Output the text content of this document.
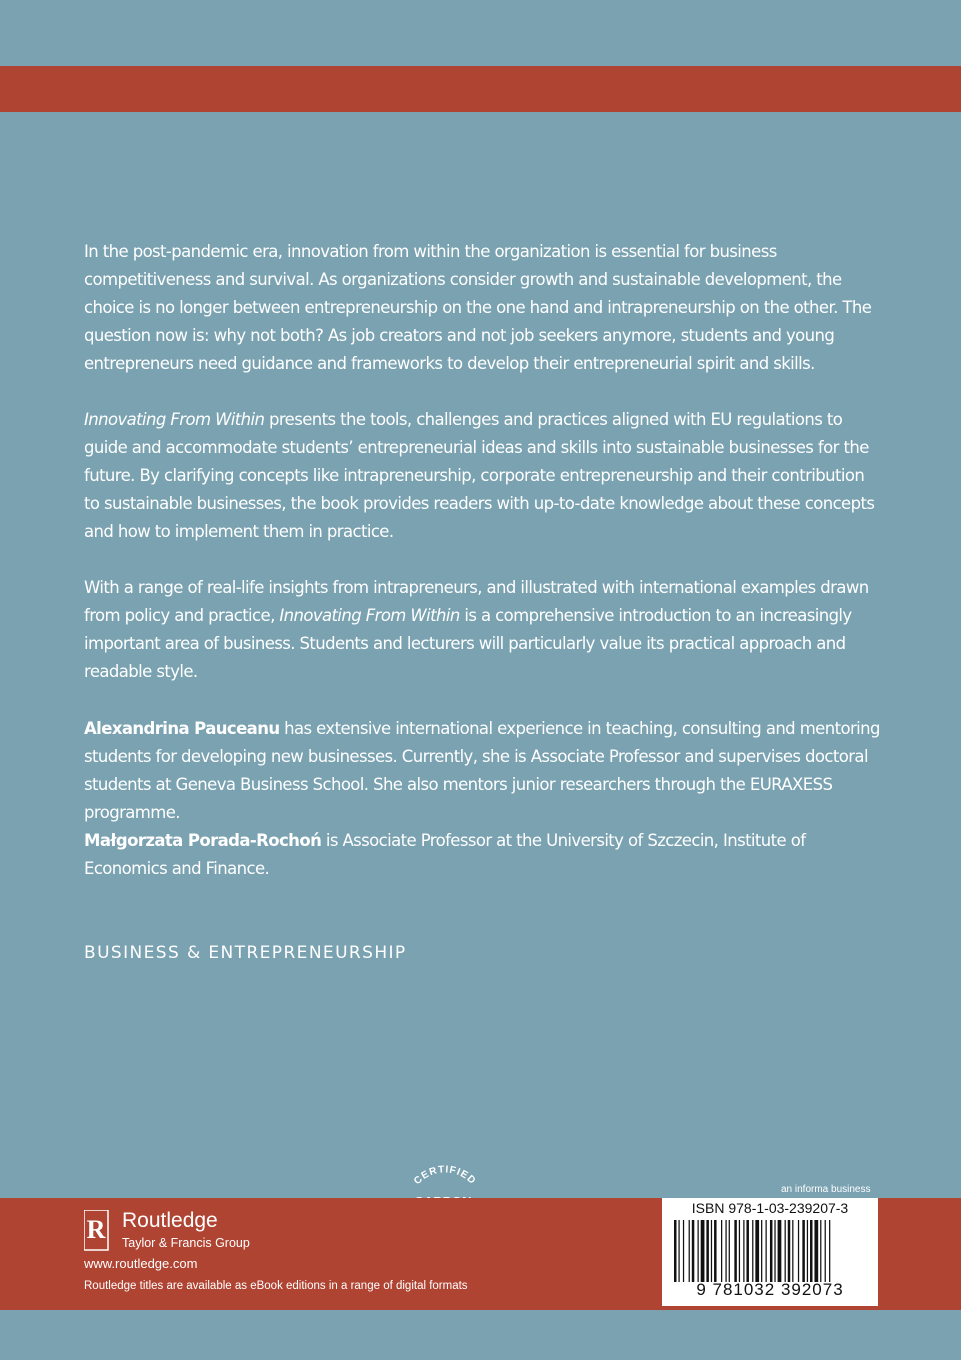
In the post-pandemic era, innovation from within the organization is essential for business competitiveness and survival. As organizations consider growth and sustainable development, the choice is no longer between entrepreneurship on the one hand and intrapreneurship on the other. The question now is: why not both? As job creators and not job seekers anymore, students and young entrepreneurs need guidance and frameworks to develop their entrepreneurial spirit and skills.

Innovating From Within presents the tools, challenges and practices aligned with EU regulations to guide and accommodate students’ entrepreneurial ideas and skills into sustainable businesses for the future. By clarifying concepts like intrapreneurship, corporate entrepreneurship and their contribution to sustainable businesses, the book provides readers with up-to-date knowledge about these concepts and how to implement them in practice.

With a range of real-life insights from intrapreneurs, and illustrated with international examples drawn from policy and practice, Innovating From Within is a comprehensive introduction to an increasingly important area of business. Students and lecturers will particularly value its practical approach and readable style.

Alexandrina Pauceanu has extensive international experience in teaching, consulting and mentoring students for developing new businesses. Currently, she is Associate Professor and supervises doctoral students at Geneva Business School. She also mentors junior researchers through the EURAXESS programme.

Małgorzata Porada-Rochoń is Associate Professor at the University of Szczecin, Institute of Economics and Finance.

BUSINESS & ENTREPRENEURSHIP

CERTIFIED
an informa business
R Routledge
Taylor & Francis Group
www.routledge.com
Routledge titles are available as eBook editions in a range of digital formats
ISBN 978-1-03-239207-3
9 781032 392073
